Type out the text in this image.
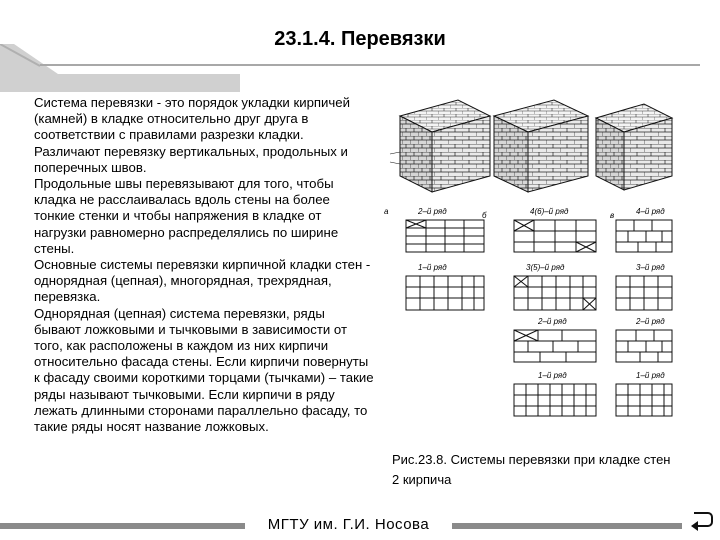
23.1.4. Перевязки

Система перевязки - это порядок укладки кирпичей (камней) в кладке относительно друг друга в соответствии с правилами разрезки кладки.

Различают перевязку вертикальных, продольных и поперечных швов.

Продольные швы перевязывают для того, чтобы кладка не расслаивалась вдоль стены на более тонкие стенки и чтобы напряжения в кладке от нагрузки равномерно распределялись по ширине стены.

Основные системы перевязки кирпичной кладки стен - однорядная (цепная), многорядная, трехрядная, перевязка.

Однорядная (цепная) система перевязки, ряды бывают ложковыми и тычковыми в зависимости от того, как расположены в каждом из них кирпичи относительно фасада стены. Если кирпичи повернуты к фасаду своими короткими торцами (тычками) – такие ряды называют тычковыми. Если кирпичи в ряду лежать длинными сторонами параллельно фасаду, то такие ряды носят название ложковых.

а	2–й ряд	б
1–й ряд
4(6)–й ряд
3(5)–й ряд
2–й ряд
1–й ряд
в	4–й ряд
3–й ряд
2–й ряд
1–й ряд

Рис.23.8. Системы перевязки при кладке стен

2 кирпича

МГТУ им. Г.И. Носова
